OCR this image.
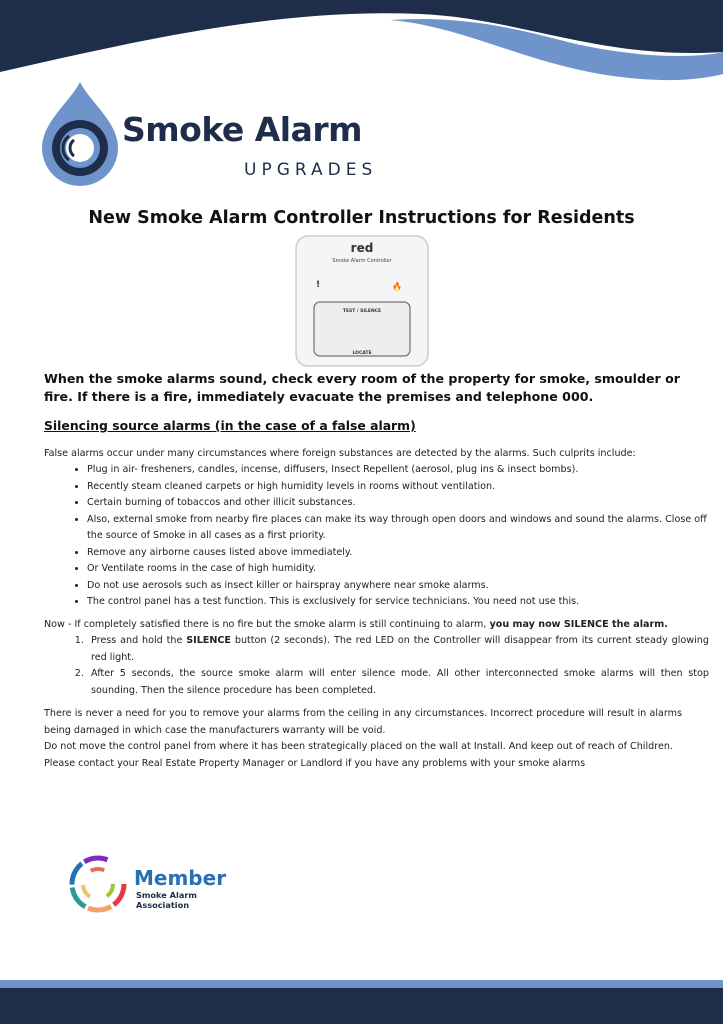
Smoke Alarm
UPGRADES
New Smoke Alarm Controller Instructions for Residents
red
Smoke Alarm Controller
!	🔥
TEST / SILENCE
LOCATE
When the smoke alarms sound, check every room of the property for smoke, smoulder or fire. If there is a fire, immediately evacuate the premises and telephone 000.
Silencing source alarms (in the case of a false alarm)
False alarms occur under many circumstances where foreign substances are detected by the alarms. Such culprits include:
• Plug in air- fresheners, candles, incense, diffusers, Insect Repellent (aerosol, plug ins & insect bombs).
• Recently steam cleaned carpets or high humidity levels in rooms without ventilation.
• Certain burning of tobaccos and other illicit substances.
• Also, external smoke from nearby fire places can make its way through open doors and windows and sound the alarms. Close off the source of Smoke in all cases as a first priority.
• Remove any airborne causes listed above immediately.
• Or Ventilate rooms in the case of high humidity.
• Do not use aerosols such as insect killer or hairspray anywhere near smoke alarms.
• The control panel has a test function. This is exclusively for service technicians. You need not use this.
Now - If completely satisfied there is no fire but the smoke alarm is still continuing to alarm, you may now SILENCE the alarm.
1. Press and hold the SILENCE button (2 seconds). The red LED on the Controller will disappear from its current steady glowing red light.
2. After 5 seconds, the source smoke alarm will enter silence mode. All other interconnected smoke alarms will then stop sounding. Then the silence procedure has been completed.
There is never a need for you to remove your alarms from the ceiling in any circumstances. Incorrect procedure will result in alarms being damaged in which case the manufacturers warranty will be void.
Do not move the control panel from where it has been strategically placed on the wall at Install. And keep out of reach of Children.
Please contact your Real Estate Property Manager or Landlord if you have any problems with your smoke alarms
Member
Smoke Alarm
Association
